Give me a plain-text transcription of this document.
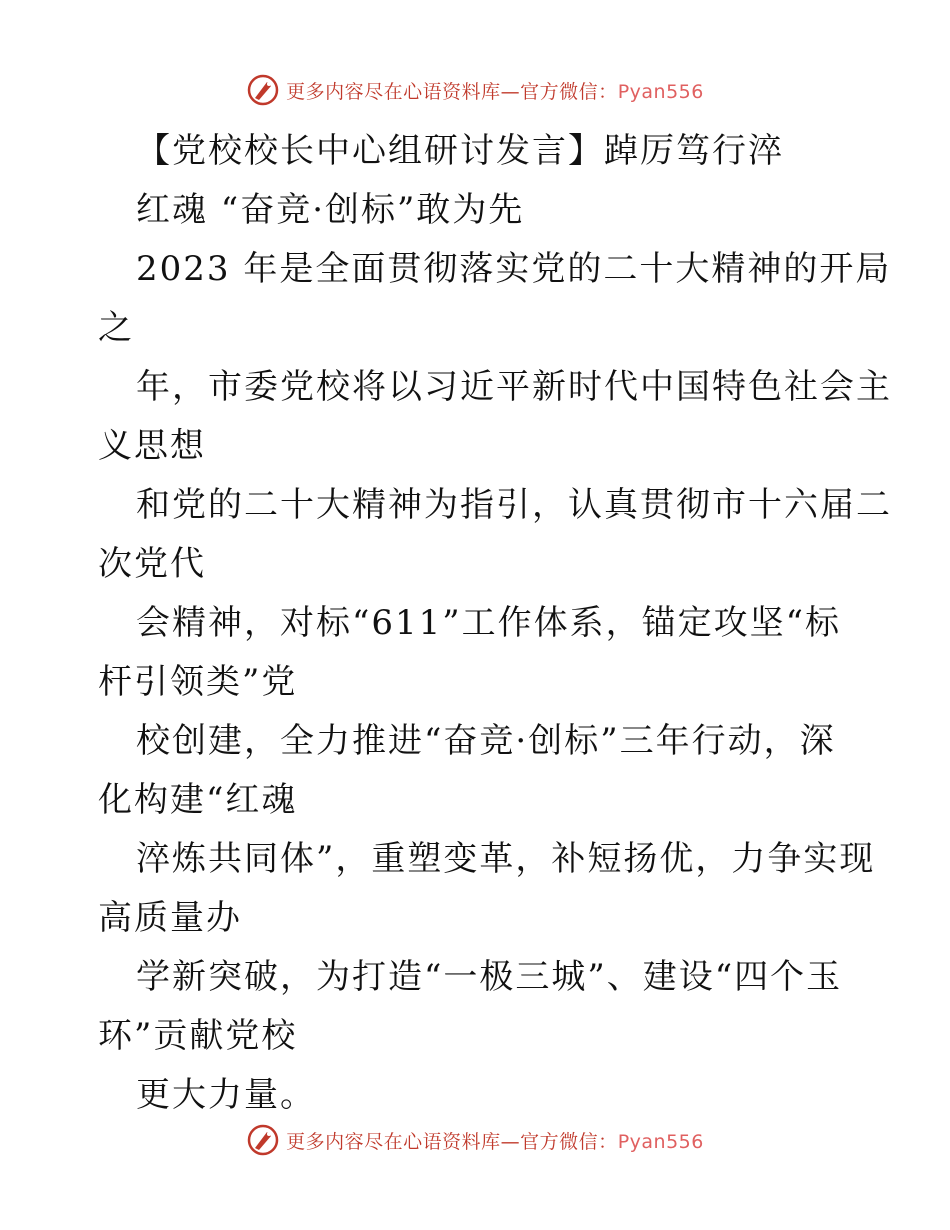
更多内容尽在心语资料库—官方微信：Pyan556
【党校校长中心组研讨发言】踔厉笃行淬
红魂 “奋竞·创标”敢为先
2023 年是全面贯彻落实党的二十大精神的开局
之
年，市委党校将以习近平新时代中国特色社会主
义思想
和党的二十大精神为指引，认真贯彻市十六届二
次党代
会精神，对标“611”工作体系，锚定攻坚“标
杆引领类”党
校创建，全力推进“奋竞·创标”三年行动，深
化构建“红魂
淬炼共同体”，重塑变革，补短扬优，力争实现
高质量办
学新突破，为打造“一极三城”、建设“四个玉
环”贡献党校
更大力量。
更多内容尽在心语资料库—官方微信：Pyan556
